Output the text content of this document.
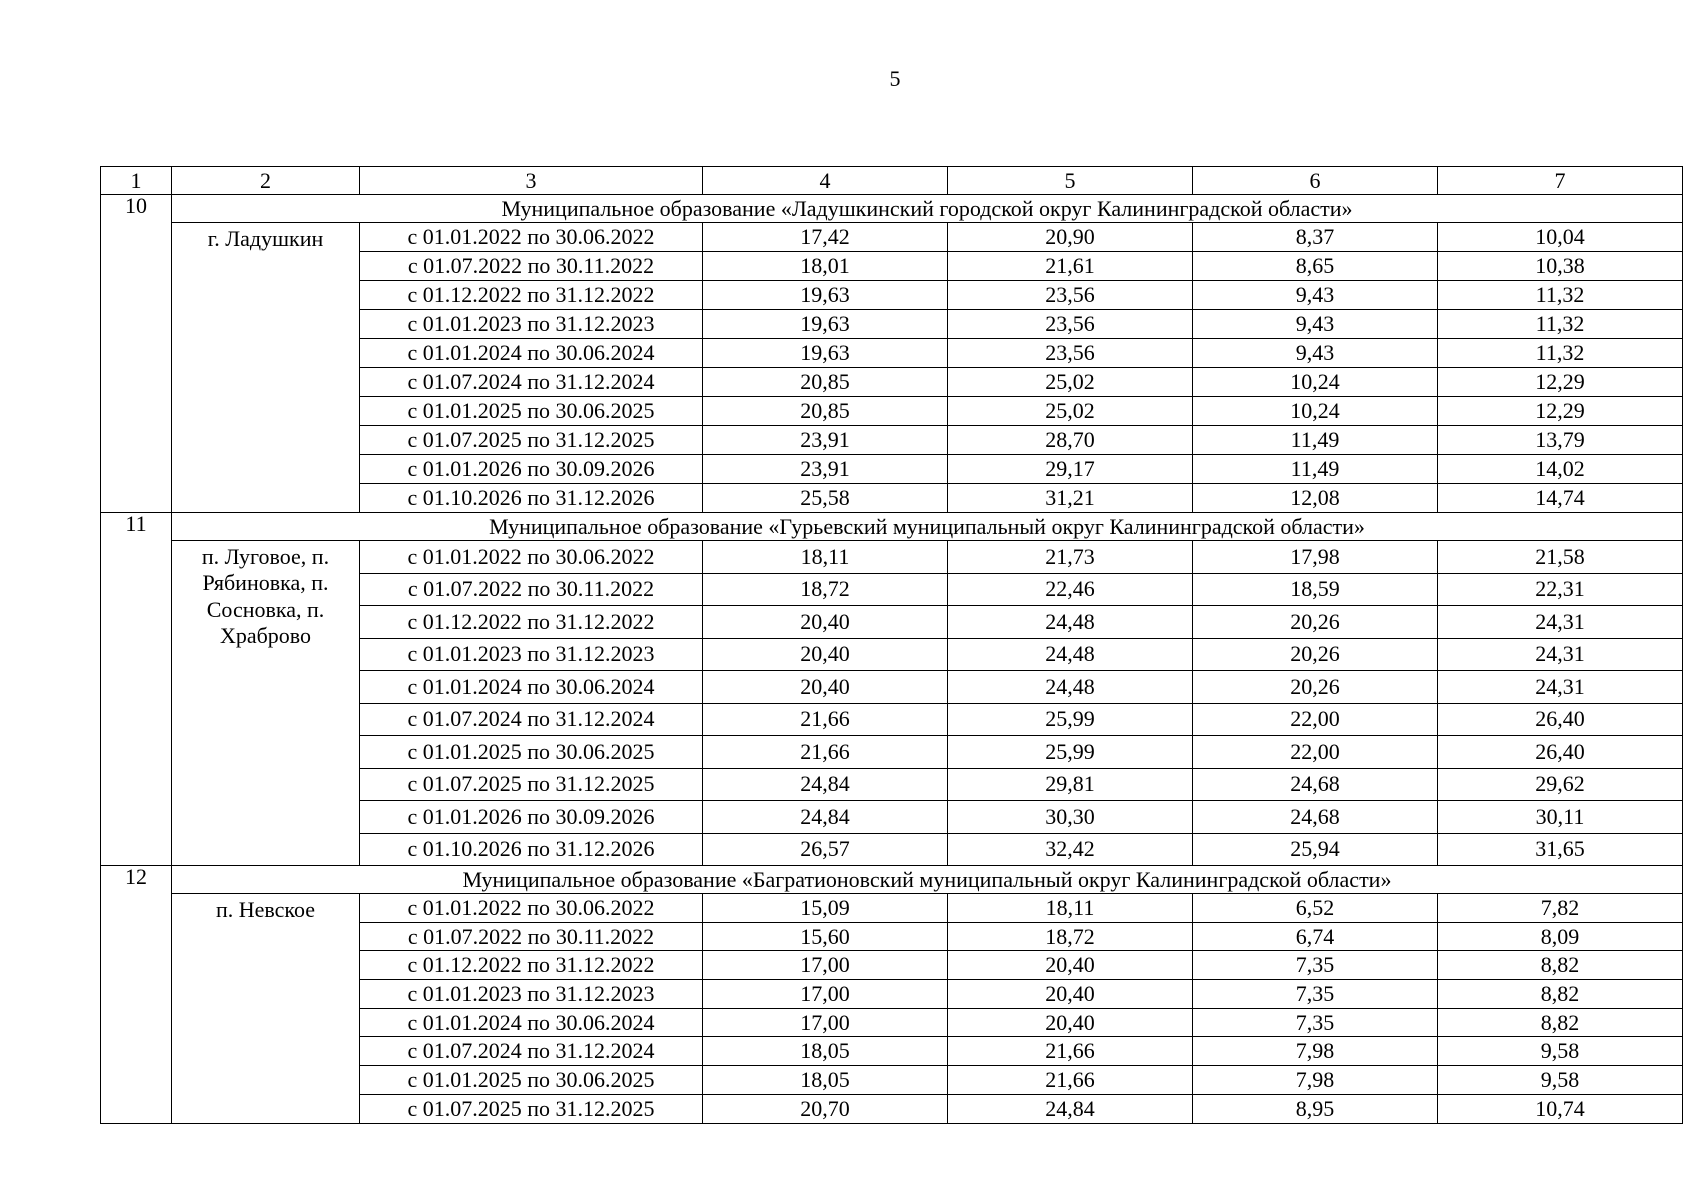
5
1	2	3	4	5	6	7
10	Муниципальное образование «Ладушкинский городской округ Калининградской области»					
	г. Ладушкин	с 01.01.2022 по 30.06.2022	17,42	20,90	8,37	10,04
		с 01.07.2022 по 30.11.2022	18,01	21,61	8,65	10,38
		с 01.12.2022 по 31.12.2022	19,63	23,56	9,43	11,32
		с 01.01.2023 по 31.12.2023	19,63	23,56	9,43	11,32
		с 01.01.2024 по 30.06.2024	19,63	23,56	9,43	11,32
		с 01.07.2024 по 31.12.2024	20,85	25,02	10,24	12,29
		с 01.01.2025 по 30.06.2025	20,85	25,02	10,24	12,29
		с 01.07.2025 по 31.12.2025	23,91	28,70	11,49	13,79
		с 01.01.2026 по 30.09.2026	23,91	29,17	11,49	14,02
		с 01.10.2026 по 31.12.2026	25,58	31,21	12,08	14,74
11	Муниципальное образование «Гурьевский муниципальный округ Калининградской области»					
	п. Луговое, п. Рябиновка, п. Сосновка, п. Храброво	с 01.01.2022 по 30.06.2022	18,11	21,73	17,98	21,58
		с 01.07.2022 по 30.11.2022	18,72	22,46	18,59	22,31
		с 01.12.2022 по 31.12.2022	20,40	24,48	20,26	24,31
		с 01.01.2023 по 31.12.2023	20,40	24,48	20,26	24,31
		с 01.01.2024 по 30.06.2024	20,40	24,48	20,26	24,31
		с 01.07.2024 по 31.12.2024	21,66	25,99	22,00	26,40
		с 01.01.2025 по 30.06.2025	21,66	25,99	22,00	26,40
		с 01.07.2025 по 31.12.2025	24,84	29,81	24,68	29,62
		с 01.01.2026 по 30.09.2026	24,84	30,30	24,68	30,11
		с 01.10.2026 по 31.12.2026	26,57	32,42	25,94	31,65
12	Муниципальное образование «Багратионовский муниципальный округ Калининградской области»					
	п. Невское	с 01.01.2022 по 30.06.2022	15,09	18,11	6,52	7,82
		с 01.07.2022 по 30.11.2022	15,60	18,72	6,74	8,09
		с 01.12.2022 по 31.12.2022	17,00	20,40	7,35	8,82
		с 01.01.2023 по 31.12.2023	17,00	20,40	7,35	8,82
		с 01.01.2024 по 30.06.2024	17,00	20,40	7,35	8,82
		с 01.07.2024 по 31.12.2024	18,05	21,66	7,98	9,58
		с 01.01.2025 по 30.06.2025	18,05	21,66	7,98	9,58
		с 01.07.2025 по 31.12.2025	20,70	24,84	8,95	10,74
